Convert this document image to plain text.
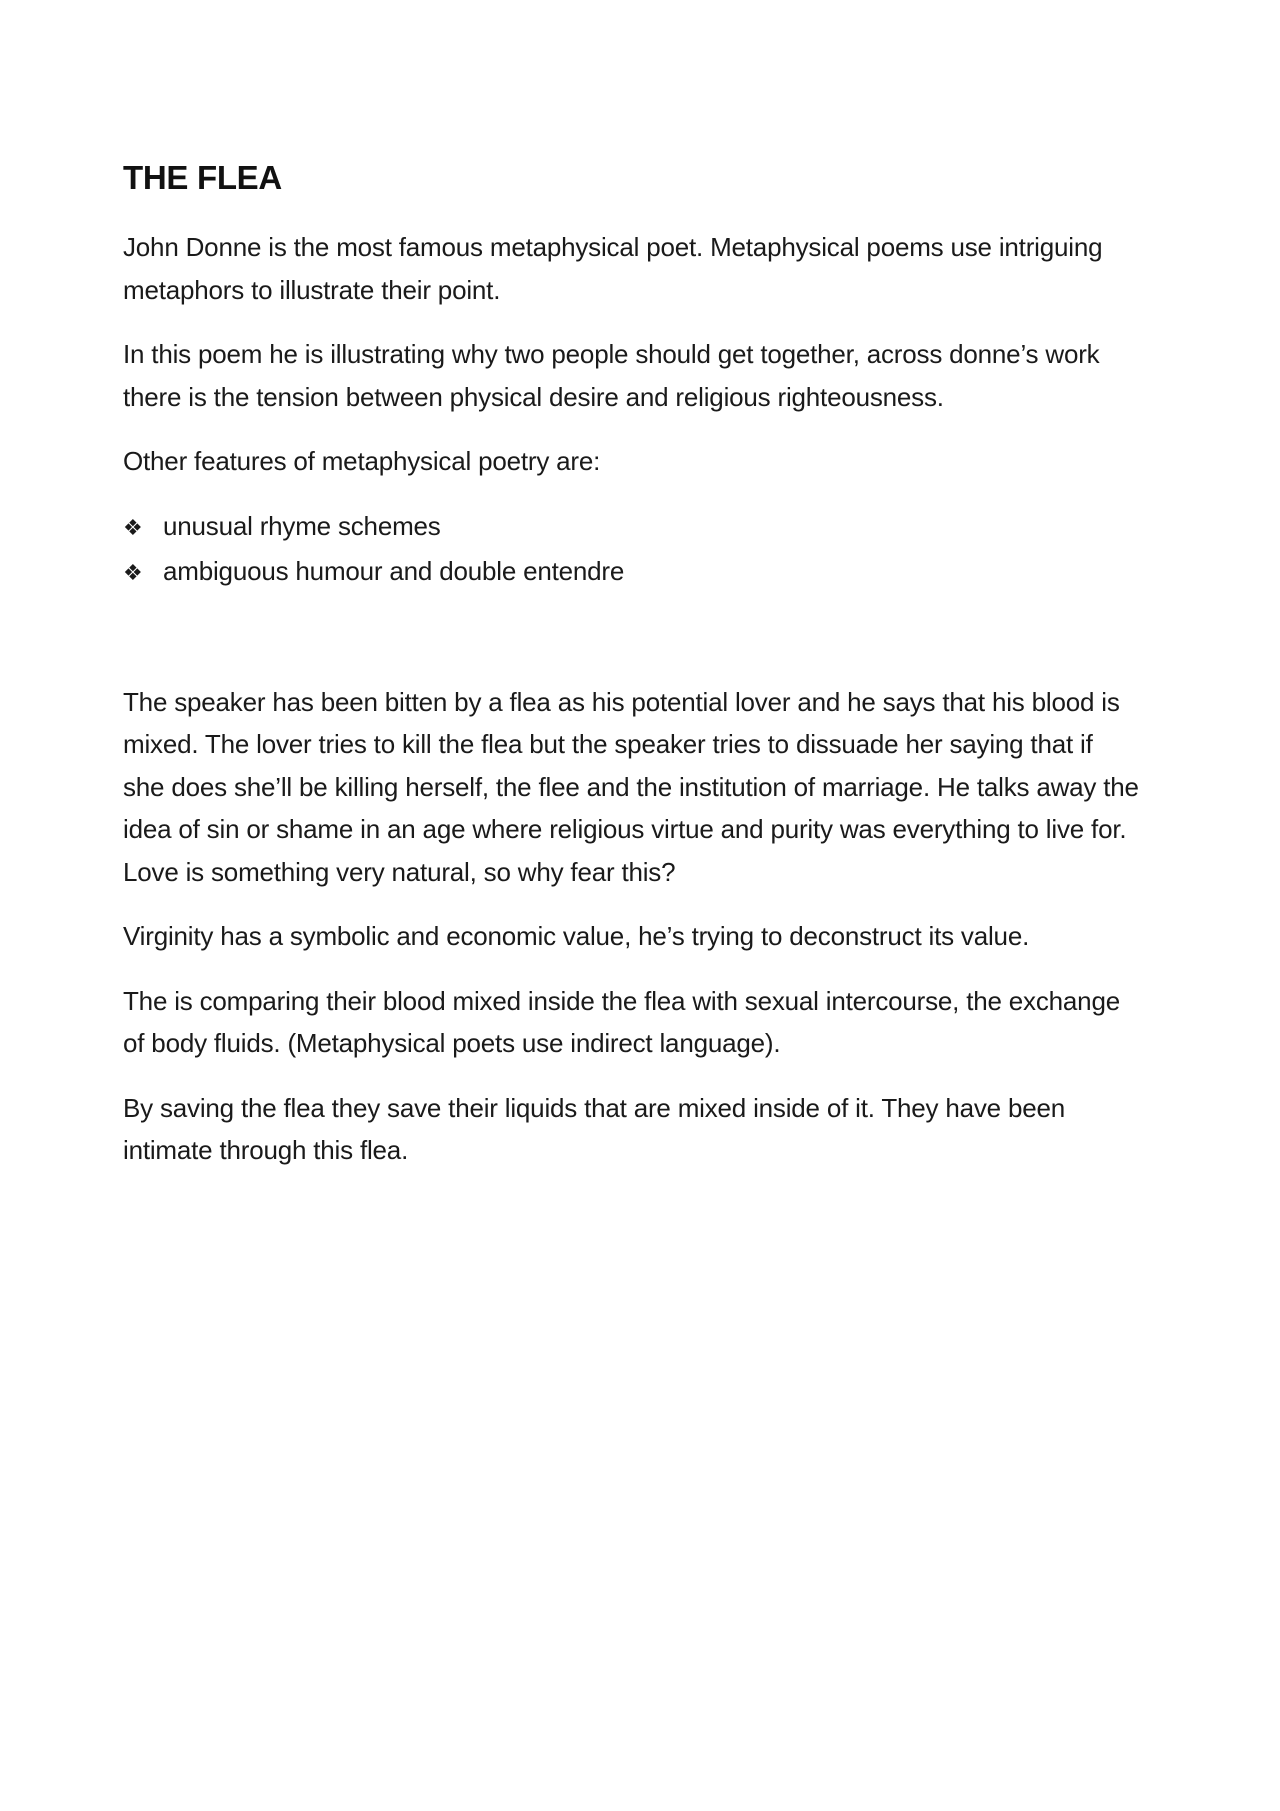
THE FLEA

John Donne is the most famous metaphysical poet. Metaphysical poems use intriguing metaphors to illustrate their point.

In this poem he is illustrating why two people should get together, across donne’s work there is the tension between physical desire and religious righteousness.

Other features of metaphysical poetry are:

❖ unusual rhyme schemes
❖ ambiguous humour and double entendre

The speaker has been bitten by a flea as his potential lover and he says that his blood is mixed. The lover tries to kill the flea but the speaker tries to dissuade her saying that if she does she’ll be killing herself, the flee and the institution of marriage. He talks away the idea of sin or shame in an age where religious virtue and purity was everything to live for. Love is something very natural, so why fear this?

Virginity has a symbolic and economic value, he’s trying to deconstruct its value.

The is comparing their blood mixed inside the flea with sexual intercourse, the exchange of body fluids. (Metaphysical poets use indirect language).

By saving the flea they save their liquids that are mixed inside of it. They have been intimate through this flea.
